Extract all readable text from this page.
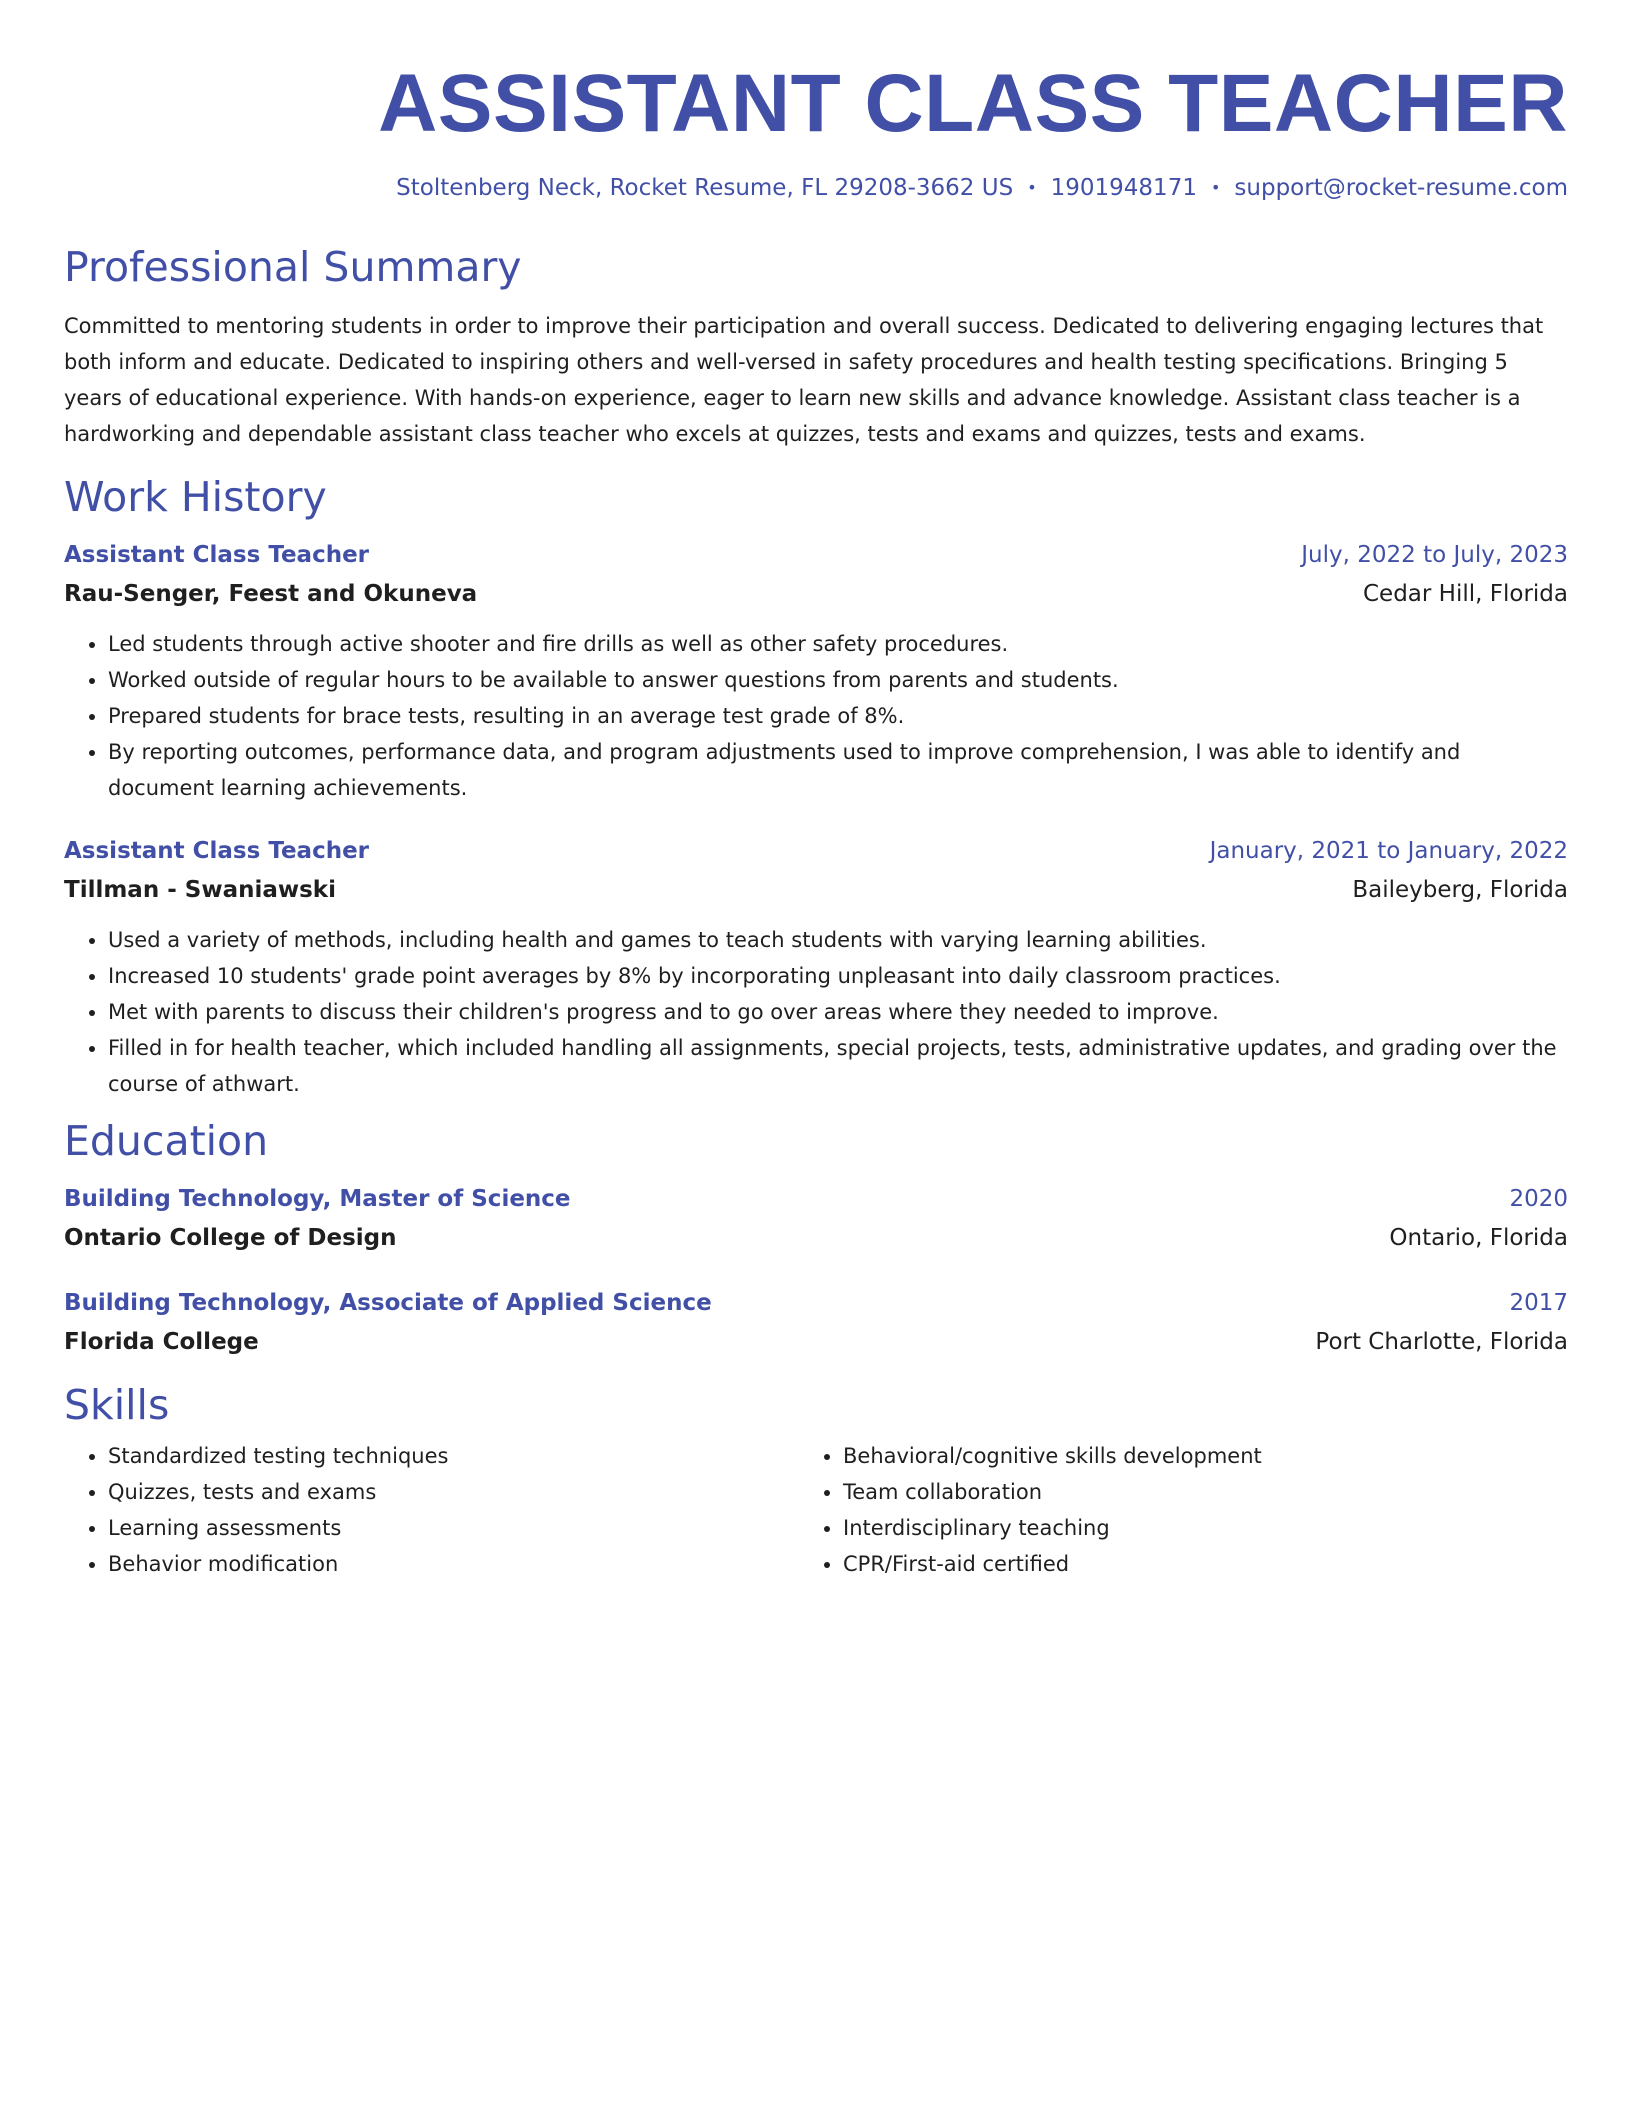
ASSISTANT CLASS TEACHER
Stoltenberg Neck, Rocket Resume, FL 29208-3662 US • 1901948171 • support@rocket-resume.com
Professional Summary
Committed to mentoring students in order to improve their participation and overall success. Dedicated to delivering engaging lectures that both inform and educate. Dedicated to inspiring others and well-versed in safety procedures and health testing specifications. Bringing 5 years of educational experience. With hands-on experience, eager to learn new skills and advance knowledge. Assistant class teacher is a hardworking and dependable assistant class teacher who excels at quizzes, tests and exams and quizzes, tests and exams.
Work History
Assistant Class Teacher	July, 2022 to July, 2023
Rau-Senger, Feest and Okuneva	Cedar Hill, Florida
• Led students through active shooter and fire drills as well as other safety procedures.
• Worked outside of regular hours to be available to answer questions from parents and students.
• Prepared students for brace tests, resulting in an average test grade of 8%.
• By reporting outcomes, performance data, and program adjustments used to improve comprehension, I was able to identify and document learning achievements.
Assistant Class Teacher	January, 2021 to January, 2022
Tillman - Swaniawski	Baileyberg, Florida
• Used a variety of methods, including health and games to teach students with varying learning abilities.
• Increased 10 students' grade point averages by 8% by incorporating unpleasant into daily classroom practices.
• Met with parents to discuss their children's progress and to go over areas where they needed to improve.
• Filled in for health teacher, which included handling all assignments, special projects, tests, administrative updates, and grading over the course of athwart.
Education
Building Technology, Master of Science	2020
Ontario College of Design	Ontario, Florida
Building Technology, Associate of Applied Science	2017
Florida College	Port Charlotte, Florida
Skills
• Standardized testing techniques
• Quizzes, tests and exams
• Learning assessments
• Behavior modification
• Behavioral/cognitive skills development
• Team collaboration
• Interdisciplinary teaching
• CPR/First-aid certified
